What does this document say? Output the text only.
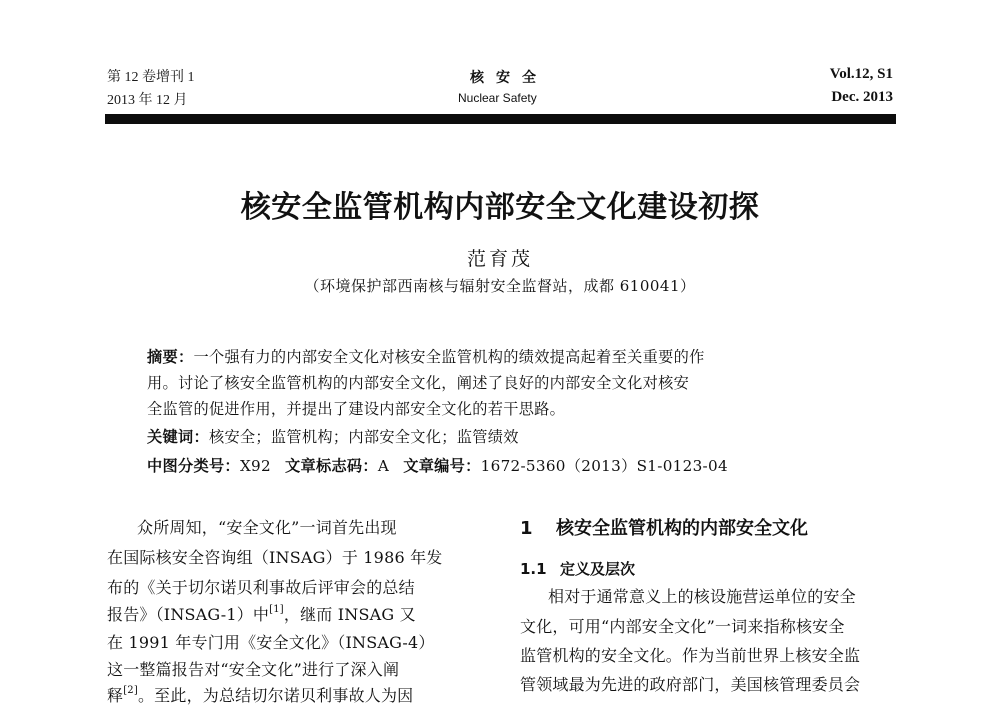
第 12 卷增刊 1
2013 年 12 月
核安全
Nuclear Safety
Vol.12, S1
Dec. 2013
核安全监管机构内部安全文化建设初探
范育茂
（环境保护部西南核与辐射安全监督站，成都 610041）
摘要：一个强有力的内部安全文化对核安全监管机构的绩效提高起着至关重要的作
用。讨论了核安全监管机构的内部安全文化，阐述了良好的内部安全文化对核安
全监管的促进作用，并提出了建设内部安全文化的若干思路。
关键词：核安全；监管机构；内部安全文化；监管绩效
中图分类号：X92 文章标志码：A 文章编号：1672-5360（2013）S1-0123-04
众所周知，“安全文化”一词首先出现
在国际核安全咨询组（INSAG）于 1986 年发
布的《关于切尔诺贝利事故后评审会的总结
报告》（INSAG-1）中[1]，继而 INSAG 又
在 1991 年专门用《安全文化》（INSAG-4）
这一整篇报告对“安全文化”进行了深入阐
释[2]。至此，为总结切尔诺贝利事故人为因
1 核安全监管机构的内部安全文化
1.1 定义及层次
相对于通常意义上的核设施营运单位的安全
文化，可用“内部安全文化”一词来指称核安全
监管机构的安全文化。作为当前世界上核安全监
管领域最为先进的政府部门，美国核管理委员会
